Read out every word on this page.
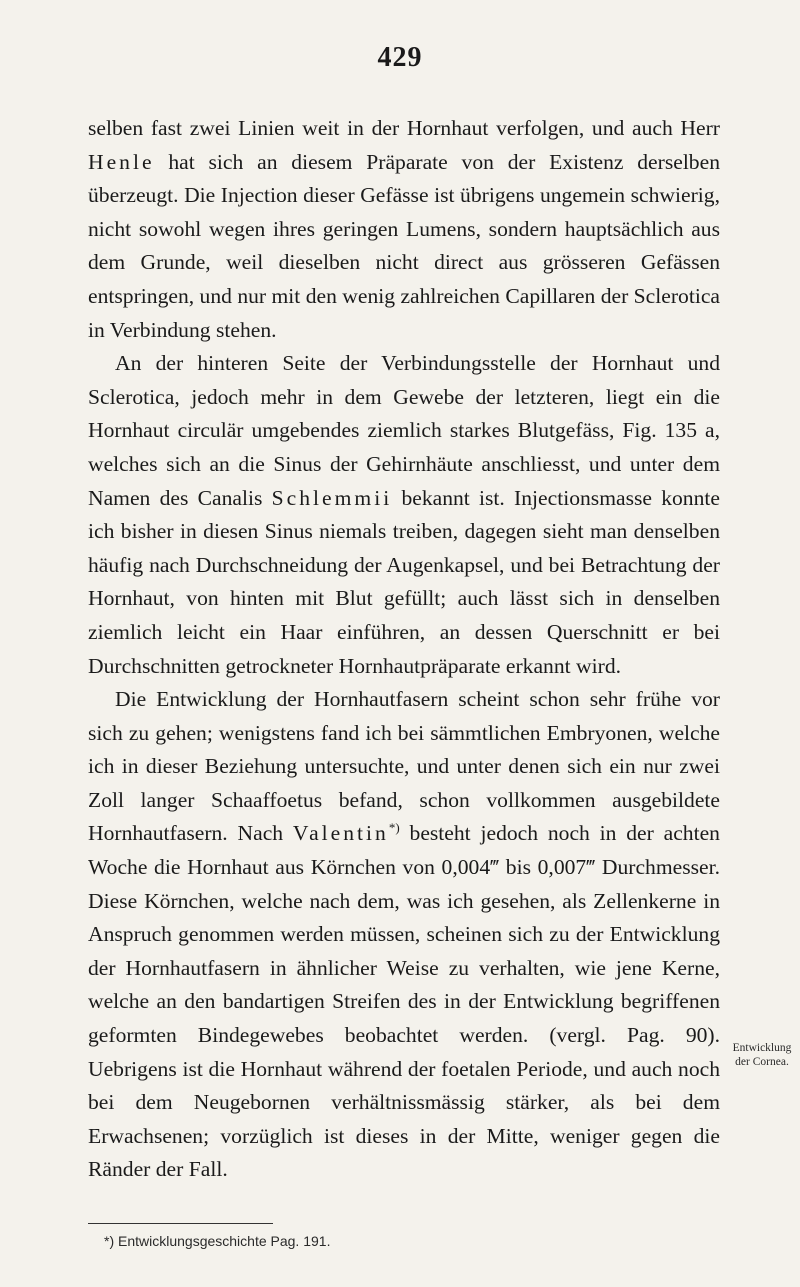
429

selben fast zwei Linien weit in der Hornhaut verfolgen, und auch Herr Henle hat sich an diesem Präparate von der Existenz derselben überzeugt. Die Injection dieser Gefässe ist übrigens ungemein schwierig, nicht sowohl wegen ihres geringen Lumens, sondern hauptsächlich aus dem Grunde, weil dieselben nicht direct aus grösseren Gefässen entspringen, und nur mit den wenig zahlreichen Capillaren der Sclerotica in Verbindung stehen.

An der hinteren Seite der Verbindungsstelle der Hornhaut und Sclerotica, jedoch mehr in dem Gewebe der letzteren, liegt ein die Hornhaut circulär umgebendes ziemlich starkes Blutgefäss, Fig. 135 a, welches sich an die Sinus der Gehirnhäute anschliesst, und unter dem Namen des Canalis Schlemmii bekannt ist. Injectionsmasse konnte ich bisher in diesen Sinus niemals treiben, dagegen sieht man denselben häufig nach Durchschneidung der Augenkapsel, und bei Betrachtung der Hornhaut, von hinten mit Blut gefüllt; auch lässt sich in denselben ziemlich leicht ein Haar einführen, an dessen Querschnitt er bei Durchschnitten getrockneter Hornhautpräparate erkannt wird.

Die Entwicklung der Hornhautfasern scheint schon sehr frühe vor sich zu gehen; wenigstens fand ich bei sämmtlichen Embryonen, welche ich in dieser Beziehung untersuchte, und unter denen sich ein nur zwei Zoll langer Schaaffoetus befand, schon vollkommen ausgebildete Hornhautfasern. Nach Valentin*) besteht jedoch noch in der achten Woche die Hornhaut aus Körnchen von 0,004‴ bis 0,007‴ Durchmesser. Diese Körnchen, welche nach dem, was ich gesehen, als Zellenkerne in Anspruch genommen werden müssen, scheinen sich zu der Entwicklung der Hornhautfasern in ähnlicher Weise zu verhalten, wie jene Kerne, welche an den bandartigen Streifen des in der Entwicklung begriffenen geformten Bindegewebes beobachtet werden. (vergl. Pag. 90). Uebrigens ist die Hornhaut während der foetalen Periode, und auch noch bei dem Neugebornen verhältnissmässig stärker, als bei dem Erwachsenen; vorzüglich ist dieses in der Mitte, weniger gegen die Ränder der Fall.

Entwicklung
der Cornea.
*) Entwicklungsgeschichte Pag. 191.
